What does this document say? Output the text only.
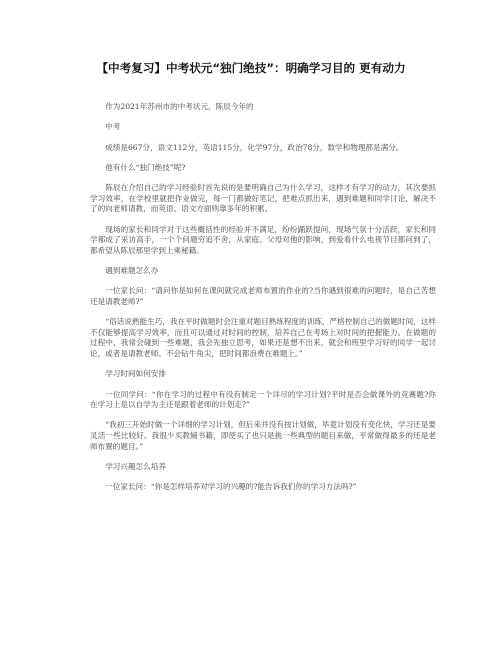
【中考复习】中考状元“独门绝技”：明确学习目的 更有动力

作为2021年苏州市的中考状元，陈辰今年的

中考

成绩是667分，语文112分，英语115分，化学97分，政治78分，数学和物理都是满分。

他有什么“独门绝技”呢?

陈辰在介绍自己的学习经验时首先说的是要明确自己为什么学习，这样才有学习的动力，其次要抓学习效率，在学校里就把作业做完，每一门都做好笔记，把难点抓出来，遇到难题和同学讨论，解决不了的向老师请教，而英语、语文方面则靠多年的积累。

现场的家长和同学对于这些概括性的经验并不满足，纷纷踊跃提问，现场气氛十分活跃，家长和同学都成了采访高手，一个个问题穷追不舍，从家庭、父母对他的影响，到爱看什么电视节目都问到了，都希望从陈辰那里学到上乘秘籍。

遇到难题怎么办

一位家长问：“请问你是如何在课间就完成老师布置的作业的?当你遇到很难的问题时，是自己苦想还是请教老师?”

“俗话说熟能生巧，我在平时做题时会注重对题目熟练程度的训练，严格控制自己的做题时间，这样不仅能够提高学习效率，而且可以通过对时间的控制，培养自己在考场上对时间的把握能力。在做题的过程中，我常会碰到一些难题，我会先独立思考，如果还是想不出来，就会和班里学习好的同学一起讨论，或者是请教老师。不会钻牛角尖，把时间都浪费在难题上。”

学习时间如何安排

一位同学问：“你在学习的过程中有没有制定一个详尽的学习计划?平时是否会做课外的竞赛题?你在学习上是以自学为主还是跟着老师的计划走?”

“我初三开始时做一个详细的学习计划，但后来并没有按计划做，毕竟计划没有变化快，学习还是要灵活一些比较好。我很少买教辅书籍，即使买了也只是挑一些典型的题目来做，平常做得最多的还是老师布置的题目。”

学习兴趣怎么培养

一位家长问：“你是怎样培养对学习的兴趣的?能告诉我们你的学习方法吗?”
